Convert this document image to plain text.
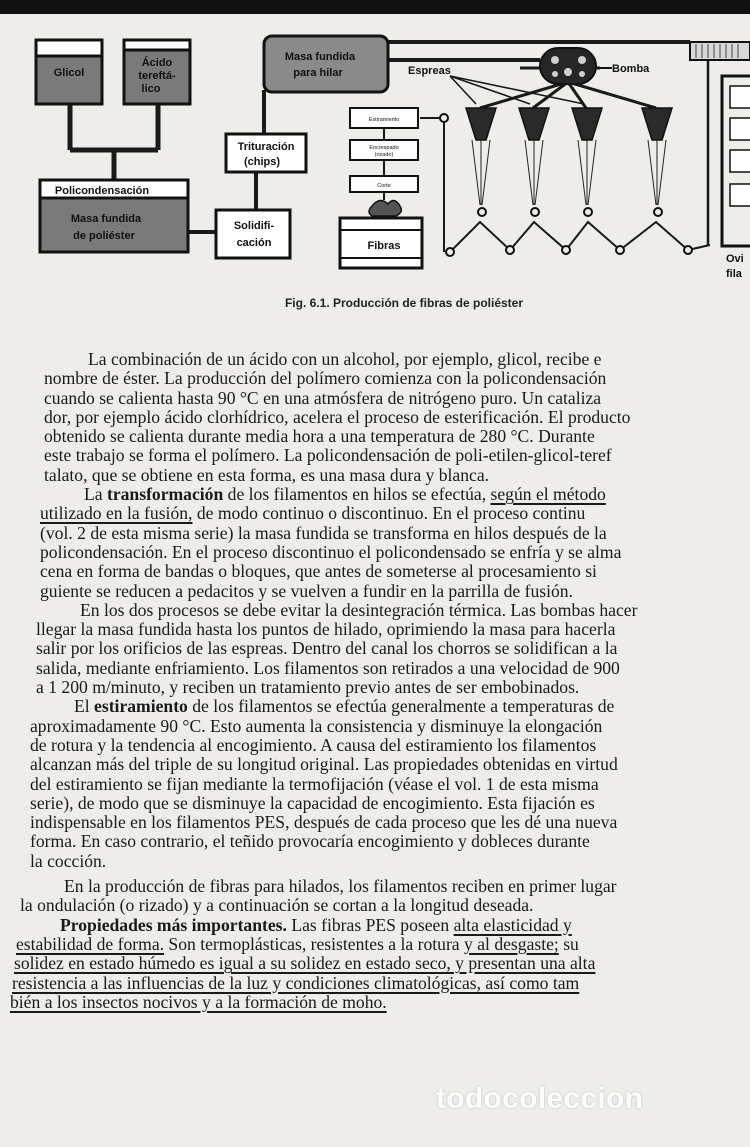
Glicol
Ácido
tereftá-
lico
Policondensación
Masa fundida
de poliéster
Solidifi-
cación
Trituración
(chips)
Masa fundida
para hilar	Espreas	Bomba
Estiramiento
Encrespado
(rizado)
Corte
Fibras
Ovi
fila
Fig. 6.1. Producción de fibras de poliéster

La combinación de un ácido con un alcohol, por ejemplo, glicol, recibe e
nombre de éster. La producción del polímero comienza con la policondensación
cuando se calienta hasta 90 °C en una atmósfera de nitrógeno puro. Un cataliza
dor, por ejemplo ácido clorhídrico, acelera el proceso de esterificación. El producto
obtenido se calienta durante media hora a una temperatura de 280 °C. Durante
este trabajo se forma el polímero. La policondensación de poli-etilen-glicol-teref
talato, que se obtiene en esta forma, es una masa dura y blanca.

La transformación de los filamentos en hilos se efectúa, según el método
utilizado en la fusión, de modo continuo o discontinuo. En el proceso continu
(vol. 2 de esta misma serie) la masa fundida se transforma en hilos después de la
policondensación. En el proceso discontinuo el policondensado se enfría y se alma
cena en forma de bandas o bloques, que antes de someterse al procesamiento si
guiente se reducen a pedacitos y se vuelven a fundir en la parrilla de fusión.

En los dos procesos se debe evitar la desintegración térmica. Las bombas hacer
llegar la masa fundida hasta los puntos de hilado, oprimiendo la masa para hacerla
salir por los orificios de las espreas. Dentro del canal los chorros se solidifican a la
salida, mediante enfriamiento. Los filamentos son retirados a una velocidad de 900
a 1 200 m/minuto, y reciben un tratamiento previo antes de ser embobinados.

El estiramiento de los filamentos se efectúa generalmente a temperaturas de
aproximadamente 90 °C. Esto aumenta la consistencia y disminuye la elongación
de rotura y la tendencia al encogimiento. A causa del estiramiento los filamentos
alcanzan más del triple de su longitud original. Las propiedades obtenidas en virtud
del estiramiento se fijan mediante la termofijación (véase el vol. 1 de esta misma
serie), de modo que se disminuye la capacidad de encogimiento. Esta fijación es
indispensable en los filamentos PES, después de cada proceso que les dé una nueva
forma. En caso contrario, el teñido provocaría encogimiento y dobleces durante
la cocción.

En la producción de fibras para hilados, los filamentos reciben en primer lugar
la ondulación (o rizado) y a continuación se cortan a la longitud deseada.

Propiedades más importantes. Las fibras PES poseen alta elasticidad y
estabilidad de forma. Son termoplásticas, resistentes a la rotura y al desgaste; su
solidez en estado húmedo es igual a su solidez en estado seco, y presentan una alta
resistencia a las influencias de la luz y condiciones climatológicas, así como tam
bién a los insectos nocivos y a la formación de moho.

todocoleccion
